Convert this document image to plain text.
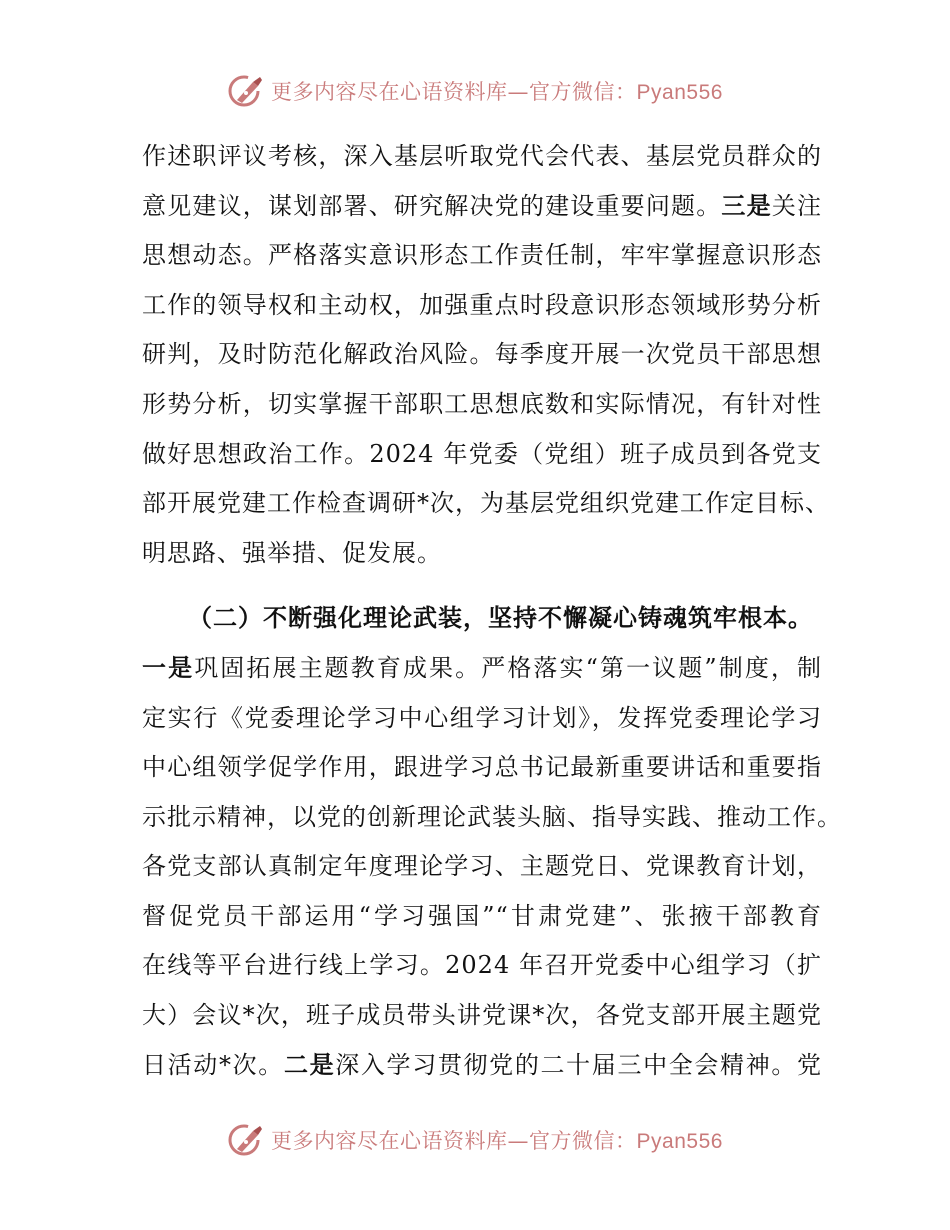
更多内容尽在心语资料库—官方微信：Pyan556
作述职评议考核，深入基层听取党代会代表、基层党员群众的
意见建议，谋划部署、研究解决党的建设重要问题。三是关注
思想动态。严格落实意识形态工作责任制，牢牢掌握意识形态
工作的领导权和主动权，加强重点时段意识形态领域形势分析
研判，及时防范化解政治风险。每季度开展一次党员干部思想
形势分析，切实掌握干部职工思想底数和实际情况，有针对性
做好思想政治工作。2024 年党委（党组）班子成员到各党支
部开展党建工作检查调研*次，为基层党组织党建工作定目标、
明思路、强举措、促发展。
（二）不断强化理论武装，坚持不懈凝心铸魂筑牢根本。
一是巩固拓展主题教育成果。严格落实“第一议题”制度，制
定实行《党委理论学习中心组学习计划》，发挥党委理论学习
中心组领学促学作用，跟进学习总书记最新重要讲话和重要指
示批示精神，以党的创新理论武装头脑、指导实践、推动工作。
各党支部认真制定年度理论学习、主题党日、党课教育计划，
督促党员干部运用“学习强国”“甘肃党建”、张掖干部教育
在线等平台进行线上学习。2024 年召开党委中心组学习（扩
大）会议*次，班子成员带头讲党课*次，各党支部开展主题党
日活动*次。二是深入学习贯彻党的二十届三中全会精神。党
更多内容尽在心语资料库—官方微信：Pyan556
